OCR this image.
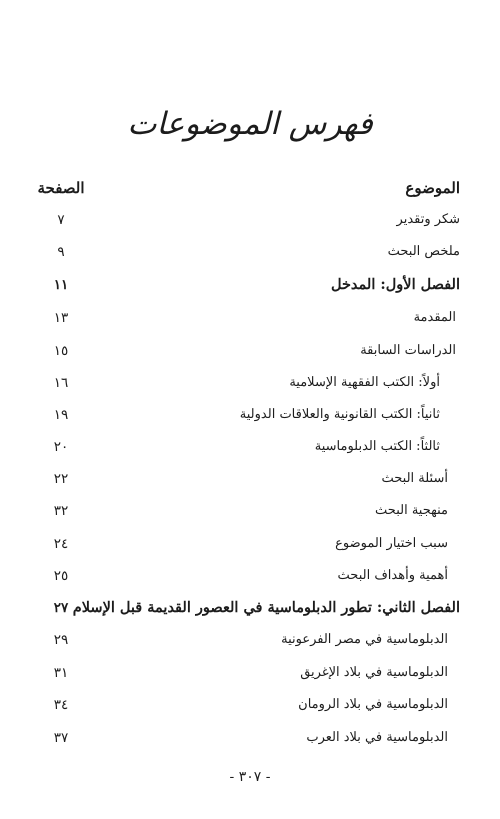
فهرس الموضوعات
الموضوع
الصفحة
شكر وتقدير
٧
ملخص البحث
٩
الفصل الأول: المدخل
١١
المقدمة
١٣
الدراسات السابقة
١٥
أولاً: الكتب الفقهية الإسلامية
١٦
ثانياً: الكتب القانونية والعلاقات الدولية
١٩
ثالثاً: الكتب الدبلوماسية
٢٠
أسئلة البحث
٢٢
منهجية البحث
٣٢
سبب اختيار الموضوع
٢٤
أهمية وأهداف البحث
٢٥
الفصل الثاني: تطور الدبلوماسية في العصور القديمة قبل الإسلام
٢٧
الدبلوماسية في مصر الفرعونية
٢٩
الدبلوماسية في بلاد الإغريق
٣١
الدبلوماسية في بلاد الرومان
٣٤
الدبلوماسية في بلاد العرب
٣٧
- ٣٠٧ -
